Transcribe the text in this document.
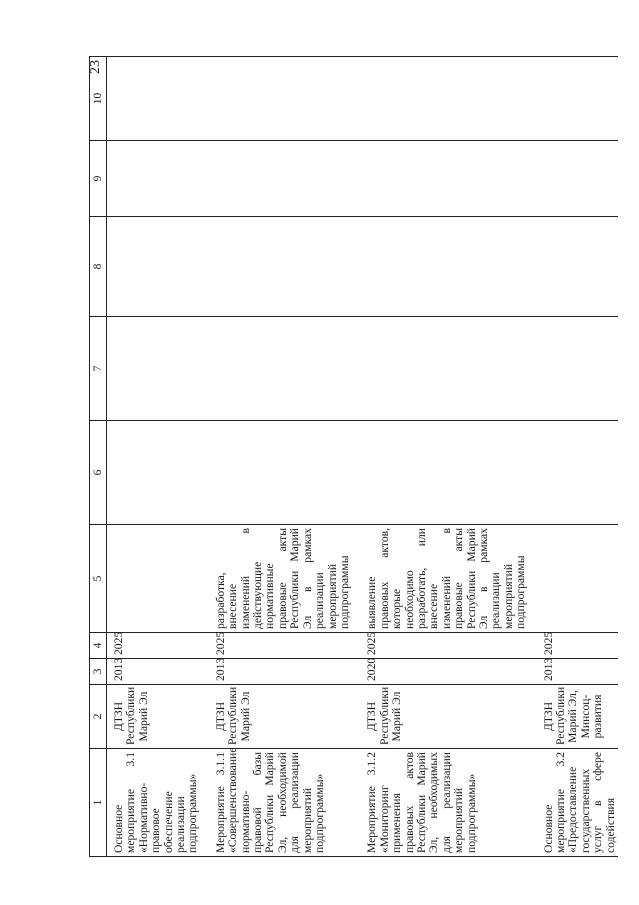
23
1	2	3	4	5	6	7	8	9	10
Основное мероприятие 3.1 «Нормативно-правовое обеспечение реализации подпрограммы»	ДТЗН Республики Марий Эл	2013	2025						
Мероприятие 3.1.1 «Совершенствование нормативно-правовой базы Республики Марий Эл, необходимой для реализации мероприятий подпрограммы»	ДТЗН Республики Марий Эл	2013	2025	разработка, внесение изменений в действующие нормативные правовые акты Республики Марий Эл в рамках реализации мероприятий подпрограммы					
Мероприятие 3.1.2 «Мониторинг применения правовых актов Республики Марий Эл, необходимых для реализации мероприятий подпрограммы»	ДТЗН Республики Марий Эл	2020	2025	выявление правовых актов, которые необходимо разработать, или внесение изменений в правовые акты Республики Марий Эл в рамках реализации мероприятий подпрограммы					
Основное мероприятие 3.2 «Предоставление государственных услуг в сфере содействия	ДТЗН Республики Марий Эл, Минсоц- развития	2013	2025						
